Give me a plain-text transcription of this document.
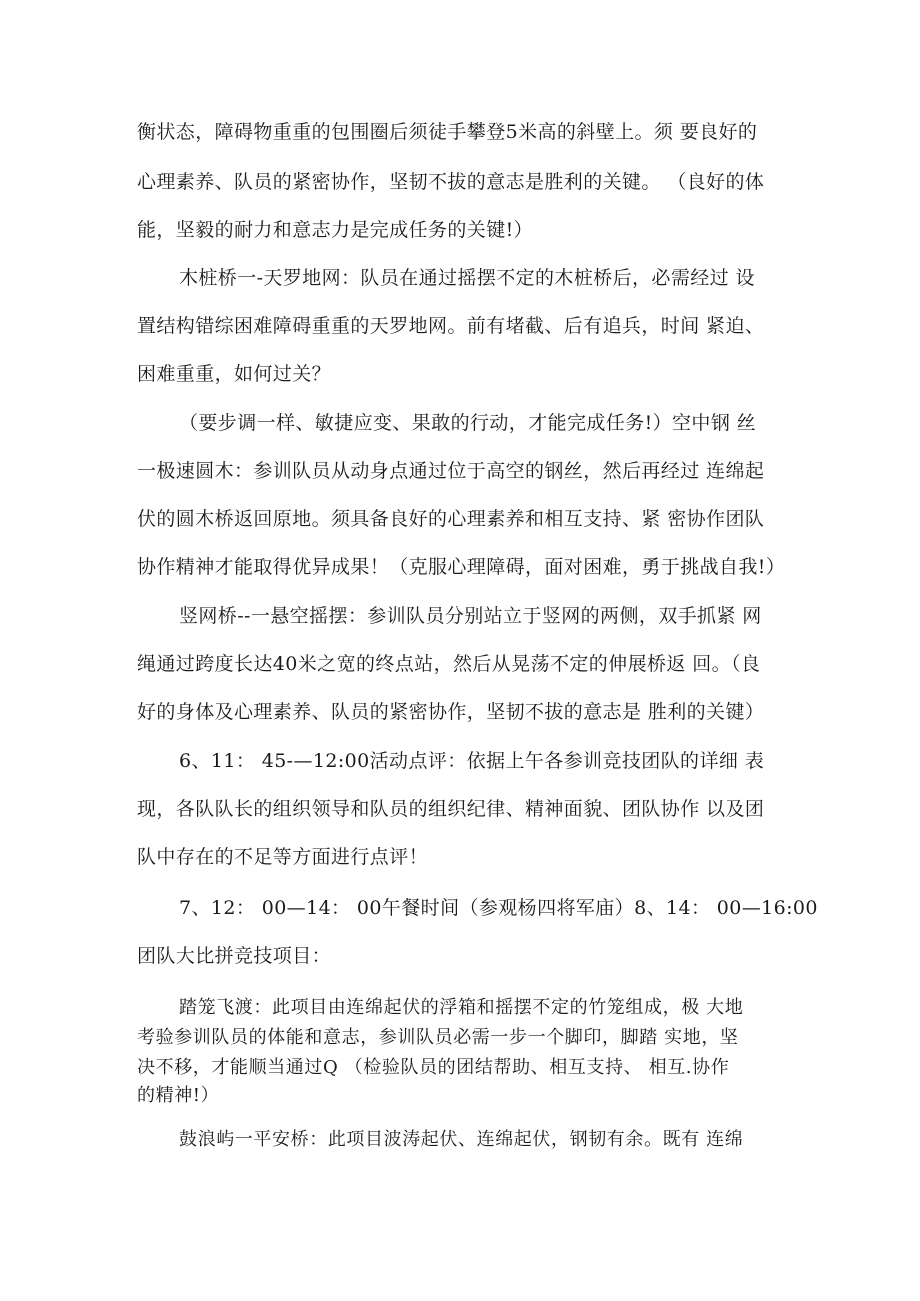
衡状态，障碍物重重的包围圈后须徒手攀登5米高的斜壁上。须 要良好的
心理素养、队员的紧密协作，坚韧不拔的意志是胜利的关键。 （良好的体
能，坚毅的耐力和意志力是完成任务的关键!）
木桩桥一-天罗地网：队员在通过摇摆不定的木桩桥后，必需经过 设
置结构错综困难障碍重重的天罗地网。前有堵截、后有追兵，时间 紧迫、
困难重重，如何过关？
（要步调一样、敏捷应变、果敢的行动，才能完成任务!）空中钢 丝
一极速圆木：参训队员从动身点通过位于高空的钢丝，然后再经过 连绵起
伏的圆木桥返回原地。须具备良好的心理素养和相互支持、紧 密协作团队
协作精神才能取得优异成果！（克服心理障碍，面对困难，勇于挑战自我!）
竖网桥--一悬空摇摆：参训队员分别站立于竖网的两侧，双手抓紧 网
绳通过跨度长达40米之宽的终点站，然后从晃荡不定的伸展桥返 回。（良
好的身体及心理素养、队员的紧密协作，坚韧不拔的意志是 胜利的关键）
6、11： 45-—12:00活动点评：依据上午各参训竞技团队的详细 表
现，各队队长的组织领导和队员的组织纪律、精神面貌、团队协作 以及团
队中存在的不足等方面进行点评！
7、12： 00—14： 00午餐时间（参观杨四将军庙）8、14： 00—16:00
团队大比拼竞技项目：
踏笼飞渡：此项目由连绵起伏的浮箱和摇摆不定的竹笼组成，极 大地
考验参训队员的体能和意志，参训队员必需一步一个脚印，脚踏 实地，坚
决不移，才能顺当通过Q （检验队员的团结帮助、相互支持、 相互.协作
的精神!）
鼓浪屿一平安桥：此项目波涛起伏、连绵起伏，钢韧有余。既有 连绵
